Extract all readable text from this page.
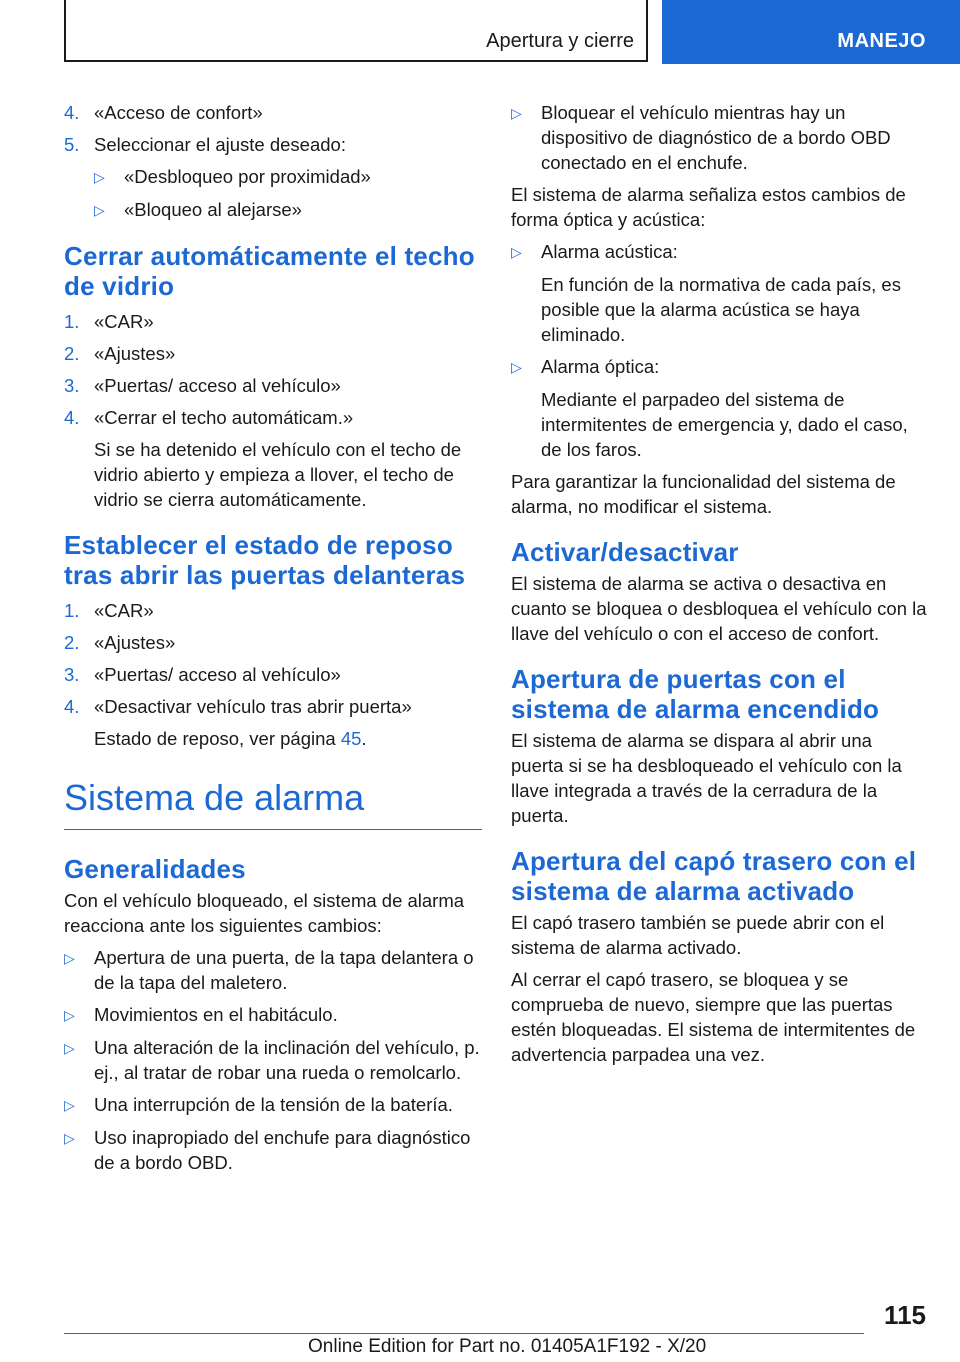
Apertura y cierre	MANEJO
4. «Acceso de confort»
5. Seleccionar el ajuste deseado:
▷	«Desbloqueo por proximidad»
▷	«Bloqueo al alejarse»
Cerrar automáticamente el techo de vidrio
1. «CAR»
2. «Ajustes»
3. «Puertas/ acceso al vehículo»
4. «Cerrar el techo automáticam.»
Si se ha detenido el vehículo con el techo de vidrio abierto y empieza a llover, el techo de vidrio se cierra automáticamente.
Establecer el estado de reposo tras abrir las puertas delanteras
1. «CAR»
2. «Ajustes»
3. «Puertas/ acceso al vehículo»
4. «Desactivar vehículo tras abrir puerta»
Estado de reposo, ver página 45.
Sistema de alarma
Generalidades
Con el vehículo bloqueado, el sistema de alarma reacciona ante los siguientes cambios:
▷	Apertura de una puerta, de la tapa delantera o de la tapa del maletero.
▷	Movimientos en el habitáculo.
▷	Una alteración de la inclinación del vehículo, p. ej., al tratar de robar una rueda o remolcarlo.
▷	Una interrupción de la tensión de la batería.
▷	Uso inapropiado del enchufe para diagnóstico de a bordo OBD.
▷	Bloquear el vehículo mientras hay un dispositivo de diagnóstico de a bordo OBD conectado en el enchufe.
El sistema de alarma señaliza estos cambios de forma óptica y acústica:
▷	Alarma acústica:
En función de la normativa de cada país, es posible que la alarma acústica se haya eliminado.
▷	Alarma óptica:
Mediante el parpadeo del sistema de intermitentes de emergencia y, dado el caso, de los faros.
Para garantizar la funcionalidad del sistema de alarma, no modificar el sistema.
Activar/desactivar
El sistema de alarma se activa o desactiva en cuanto se bloquea o desbloquea el vehículo con la llave del vehículo o con el acceso de confort.
Apertura de puertas con el sistema de alarma encendido
El sistema de alarma se dispara al abrir una puerta si se ha desbloqueado el vehículo con la llave integrada a través de la cerradura de la puerta.
Apertura del capó trasero con el sistema de alarma activado
El capó trasero también se puede abrir con el sistema de alarma activado.
Al cerrar el capó trasero, se bloquea y se comprueba de nuevo, siempre que las puertas estén bloqueadas. El sistema de intermitentes de advertencia parpadea una vez.
115
Online Edition for Part no. 01405A1F192 - X/20
